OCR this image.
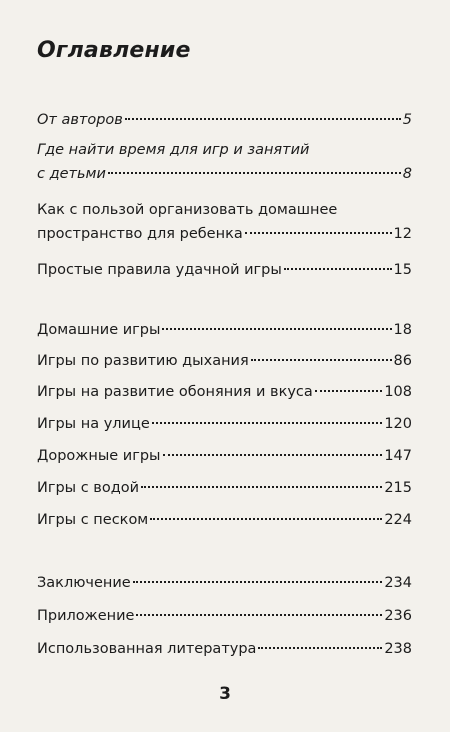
Оглавление
От авторов	5
Где найти время для игр и занятий
с детьми	8
Как с пользой организовать домашнее
пространство для ребенка	12
Простые правила удачной игры	15
Домашние игры	18
Игры по развитию дыхания	86
Игры на развитие обоняния и вкуса	108
Игры на улице	120
Дорожные игры	147
Игры с водой	215
Игры с песком	224
Заключение	234
Приложение	236
Использованная литература	238
3
